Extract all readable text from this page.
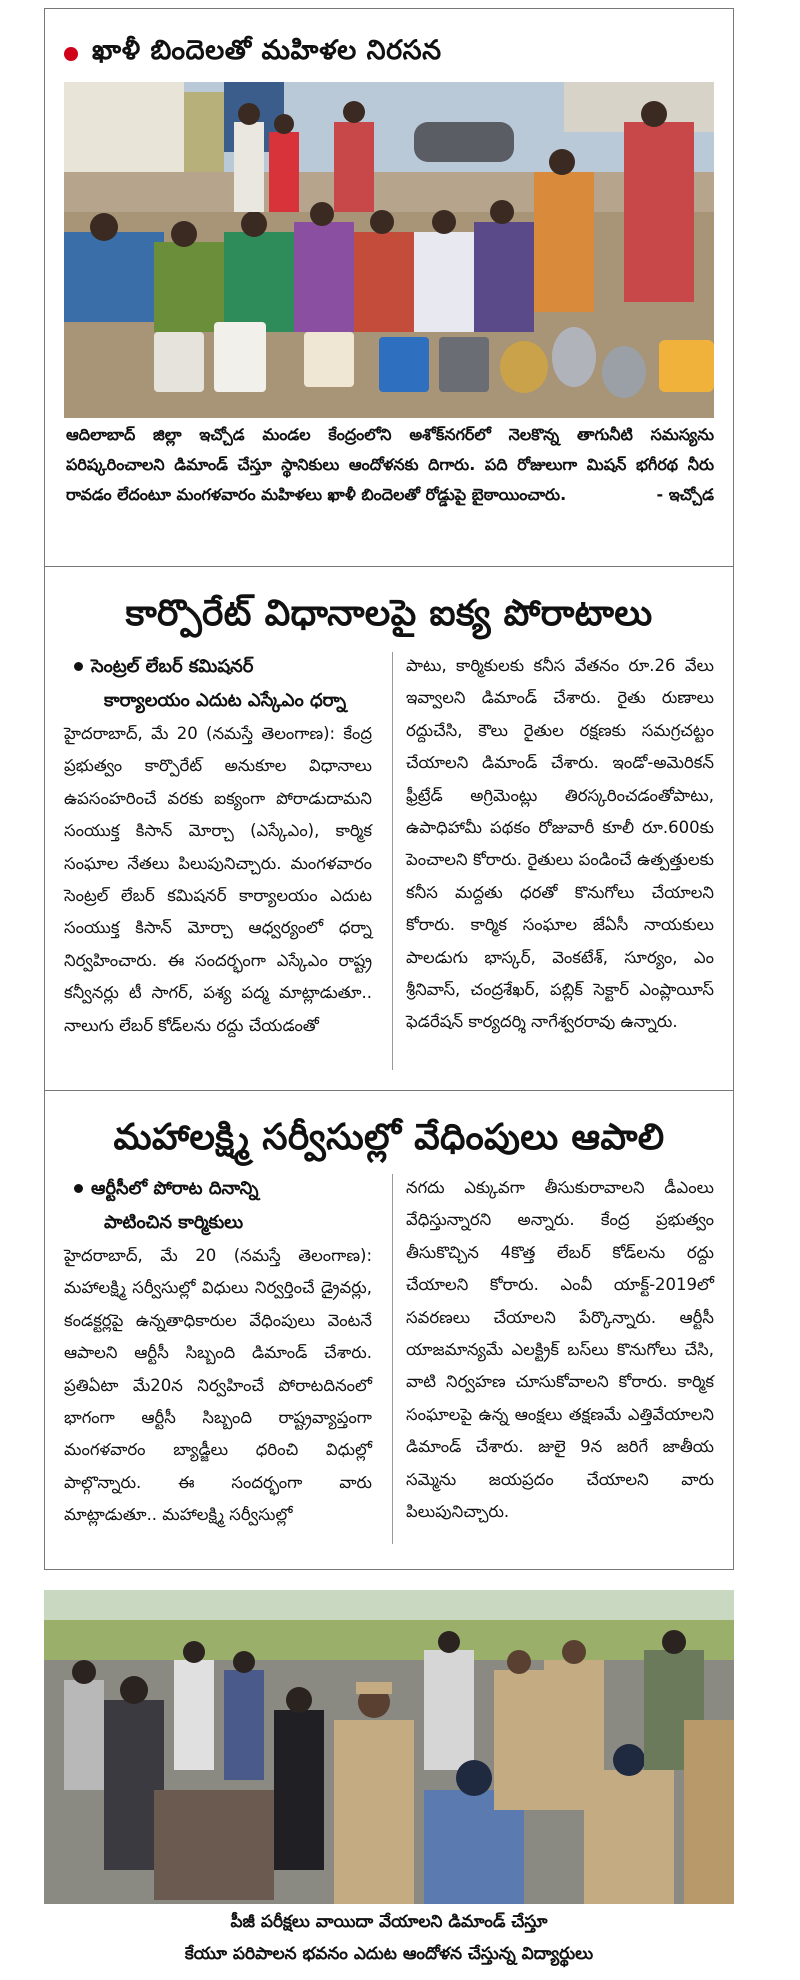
ఖాళీ బిందెలతో మహిళల నిరసన
ఆదిలాబాద్ జిల్లా ఇచ్చోడ మండల కేంద్రంలోని అశోక్‌నగర్‌లో నెలకొన్న తాగునీటి సమస్యను పరిష్కరించాలని డిమాండ్ చేస్తూ స్థానికులు ఆందోళనకు దిగారు. పది రోజులుగా మిషన్ భగీరథ నీరు రావడం లేదంటూ మంగళవారం మహిళలు ఖాళీ బిందెలతో రోడ్డుపై బైఠాయించారు.	- ఇచ్చోడ
కార్పొరేట్ విధానాలపై ఐక్య పోరాటాలు
సెంట్రల్ లేబర్ కమిషనర్
కార్యాలయం ఎదుట ఎస్కేఎం ధర్నా
హైదరాబాద్, మే 20 (నమస్తే తెలంగాణ): కేంద్ర ప్రభుత్వం కార్పొరేట్ అనుకూల విధానాలు ఉపసంహరించే వరకు ఐక్యంగా పోరాడుదామని సంయుక్త కిసాన్ మోర్చా (ఎస్కేఎం), కార్మిక సంఘాల నేతలు పిలుపునిచ్చారు. మంగళవారం సెంట్రల్ లేబర్ కమిషనర్ కార్యాలయం ఎదుట సంయుక్త కిసాన్ మోర్చా ఆధ్వర్యంలో ధర్నా నిర్వహించారు. ఈ సందర్భంగా ఎస్కేఎం రాష్ట్ర కన్వీనర్లు టీ సాగర్, పశ్య పద్మ మాట్లాడుతూ.. నాలుగు లేబర్ కోడ్‌లను రద్దు చేయడంతో
పాటు, కార్మికులకు కనీస వేతనం రూ.26 వేలు ఇవ్వాలని డిమాండ్ చేశారు. రైతు రుణాలు రద్దుచేసి, కౌలు రైతుల రక్షణకు సమగ్రచట్టం చేయాలని డిమాండ్ చేశారు. ఇండో-అమెరికన్ ఫ్రీట్రేడ్ అగ్రిమెంట్లు తిరస్కరించడంతోపాటు, ఉపాధిహామీ పథకం రోజువారీ కూలీ రూ.600కు పెంచాలని కోరారు. రైతులు పండించే ఉత్పత్తులకు కనీస మద్దతు ధరతో కొనుగోలు చేయాలని కోరారు. కార్మిక సంఘాల జేఏసీ నాయకులు పాలడుగు భాస్కర్, వెంకటేశ్, సూర్యం, ఎం శ్రీనివాస్, చంద్రశేఖర్, పబ్లిక్ సెక్టార్ ఎంప్లాయీస్ ఫెడరేషన్ కార్యదర్శి నాగేశ్వరరావు ఉన్నారు.
మహాలక్ష్మి సర్వీసుల్లో వేధింపులు ఆపాలి
ఆర్టీసీలో పోరాట దినాన్ని
పాటించిన కార్మికులు
హైదరాబాద్, మే 20 (నమస్తే తెలంగాణ): మహాలక్ష్మి సర్వీసుల్లో విధులు నిర్వర్తించే డ్రైవర్లు, కండక్టర్లపై ఉన్నతాధికారుల వేధింపులు వెంటనే ఆపాలని ఆర్టీసీ సిబ్బంది డిమాండ్ చేశారు. ప్రతిఏటా మే20న నిర్వహించే పోరాటదినంలో భాగంగా ఆర్టీసీ సిబ్బంది రాష్ట్రవ్యాప్తంగా మంగళవారం బ్యాడ్జీలు ధరించి విధుల్లో పాల్గొన్నారు. ఈ సందర్భంగా వారు మాట్లాడుతూ.. మహాలక్ష్మి సర్వీసుల్లో
నగదు ఎక్కువగా తీసుకురావాలని డీఎంలు వేధిస్తున్నారని అన్నారు. కేంద్ర ప్రభుత్వం తీసుకొచ్చిన 4కొత్త లేబర్ కోడ్‌లను రద్దు చేయాలని కోరారు. ఎంవీ యాక్ట్-2019లో సవరణలు చేయాలని పేర్కొన్నారు. ఆర్టీసీ యాజమాన్యమే ఎలక్ట్రిక్ బస్‌లు కొనుగోలు చేసి, వాటి నిర్వహణ చూసుకోవాలని కోరారు. కార్మిక సంఘాలపై ఉన్న ఆంక్షలు తక్షణమే ఎత్తివేయాలని డిమాండ్ చేశారు. జులై 9న జరిగే జాతీయ సమ్మెను జయప్రదం చేయాలని వారు పిలుపునిచ్చారు.
పీజీ పరీక్షలు వాయిదా వేయాలని డిమాండ్ చేస్తూ
కేయూ పరిపాలన భవనం ఎదుట ఆందోళన చేస్తున్న విద్యార్థులు
